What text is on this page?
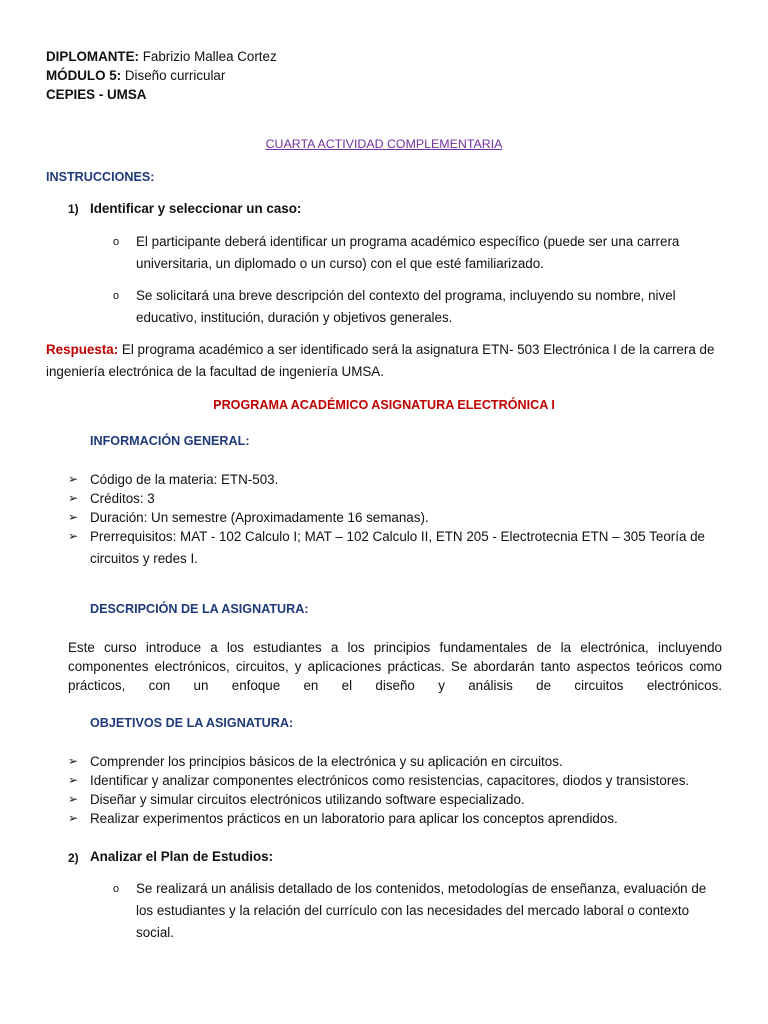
DIPLOMANTE: Fabrizio Mallea Cortez
MÓDULO 5: Diseño curricular
CEPIES - UMSA
CUARTA ACTIVIDAD COMPLEMENTARIA
INSTRUCCIONES:
1) Identificar y seleccionar un caso:
o El participante deberá identificar un programa académico específico (puede ser una carrera
universitaria, un diplomado o un curso) con el que esté familiarizado.
o Se solicitará una breve descripción del contexto del programa, incluyendo su nombre, nivel
educativo, institución, duración y objetivos generales.
Respuesta: El programa académico a ser identificado será la asignatura ETN- 503 Electrónica I de la carrera de
ingeniería electrónica de la facultad de ingeniería UMSA.
PROGRAMA ACADÉMICO ASIGNATURA ELECTRÓNICA I
INFORMACIÓN GENERAL:
➢ Código de la materia: ETN-503.
➢ Créditos: 3
➢ Duración: Un semestre (Aproximadamente 16 semanas).
➢ Prerrequisitos: MAT - 102 Calculo I; MAT – 102 Calculo II, ETN 205 - Electrotecnia ETN – 305 Teoría de
circuitos y redes I.
DESCRIPCIÓN DE LA ASIGNATURA:
Este curso introduce a los estudiantes a los principios fundamentales de la electrónica, incluyendo
componentes electrónicos, circuitos, y aplicaciones prácticas. Se abordarán tanto aspectos teóricos como
prácticos, con un enfoque en el diseño y análisis de circuitos electrónicos.
OBJETIVOS DE LA ASIGNATURA:
➢ Comprender los principios básicos de la electrónica y su aplicación en circuitos.
➢ Identificar y analizar componentes electrónicos como resistencias, capacitores, diodos y transistores.
➢ Diseñar y simular circuitos electrónicos utilizando software especializado.
➢ Realizar experimentos prácticos en un laboratorio para aplicar los conceptos aprendidos.
2) Analizar el Plan de Estudios:
o Se realizará un análisis detallado de los contenidos, metodologías de enseñanza, evaluación de
los estudiantes y la relación del currículo con las necesidades del mercado laboral o contexto
social.
